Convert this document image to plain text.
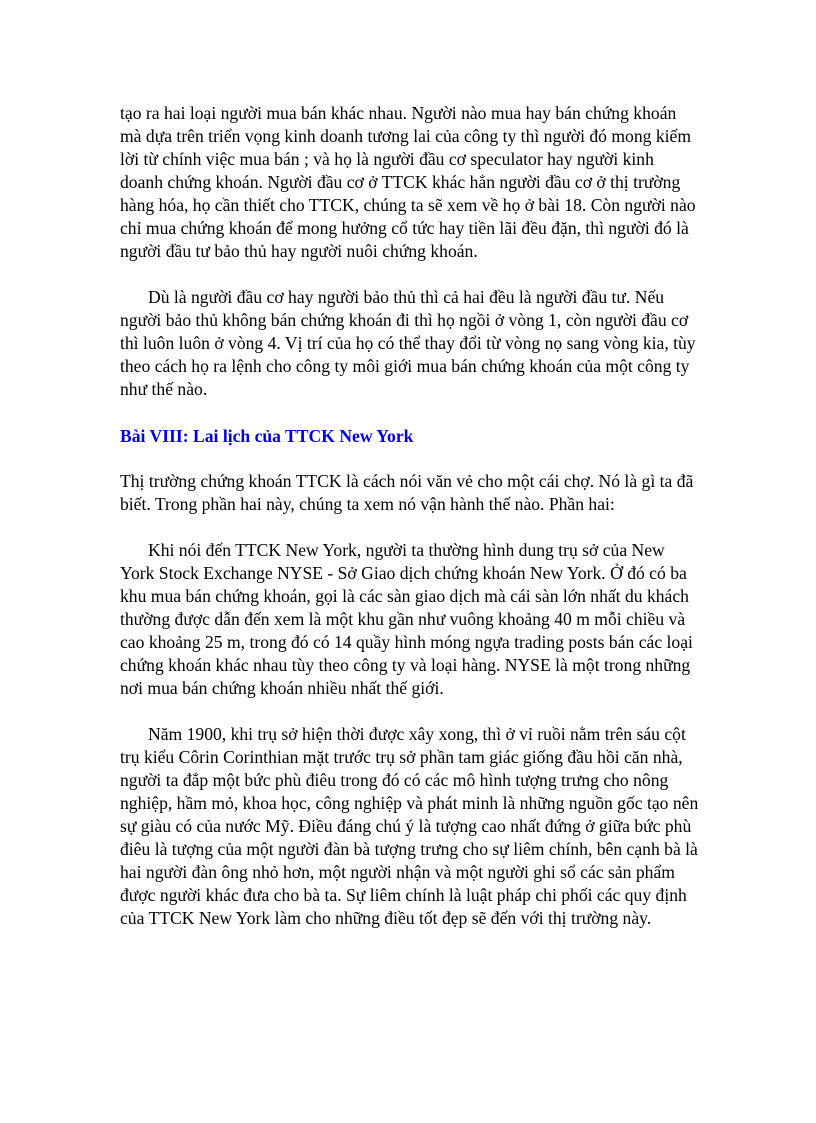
tạo ra hai loại người mua bán khác nhau. Người nào mua hay bán chứng khoán mà dựa trên triển vọng kinh doanh tương lai của công ty thì người đó mong kiếm lời từ chính việc mua bán ; và họ là người đầu cơ speculator hay người kinh doanh chứng khoán. Người đầu cơ ở TTCK khác hẳn người đầu cơ ở thị trường hàng hóa, họ cần thiết cho TTCK, chúng ta sẽ xem về họ ở bài 18. Còn người nào chỉ mua chứng khoán để mong hưởng cổ tức hay tiền lãi đều đặn, thì người đó là người đầu tư bảo thủ hay người nuôi chứng khoán.

Dù là người đầu cơ hay người bảo thủ thì cả hai đều là người đầu tư. Nếu người bảo thủ không bán chứng khoán đi thì họ ngồi ở vòng 1, còn người đầu cơ thì luôn luôn ở vòng 4. Vị trí của họ có thể thay đổi từ vòng nọ sang vòng kia, tùy theo cách họ ra lệnh cho công ty môi giới mua bán chứng khoán của một công ty như thế nào.

Bài VIII: Lai lịch của TTCK New York

Thị trường chứng khoán TTCK là cách nói văn vẻ cho một cái chợ. Nó là gì ta đã biết. Trong phần hai này, chúng ta xem nó vận hành thế nào. Phần hai:

Khi nói đến TTCK New York, người ta thường hình dung trụ sở của New York Stock Exchange NYSE - Sở Giao dịch chứng khoán New York. Ở đó có ba khu mua bán chứng khoán, gọi là các sàn giao dịch mà cái sàn lớn nhất du khách thường được dẫn đến xem là một khu gần như vuông khoảng 40 m mỗi chiều và cao khoảng 25 m, trong đó có 14 quầy hình móng ngựa trading posts bán các loại chứng khoán khác nhau tùy theo công ty và loại hàng. NYSE là một trong những nơi mua bán chứng khoán nhiều nhất thế giới.

Năm 1900, khi trụ sở hiện thời được xây xong, thì ở vỉ ruồi nằm trên sáu cột trụ kiểu Côrin Corinthian mặt trước trụ sở phần tam giác giống đầu hồi căn nhà, người ta đắp một bức phù điêu trong đó có các mô hình tượng trưng cho nông nghiệp, hầm mỏ, khoa học, công nghiệp và phát minh là những nguồn gốc tạo nên sự giàu có của nước Mỹ. Điều đáng chú ý là tượng cao nhất đứng ở giữa bức phù điêu là tượng của một người đàn bà tượng trưng cho sự liêm chính, bên cạnh bà là hai người đàn ông nhỏ hơn, một người nhận và một người ghi sổ các sản phẩm được người khác đưa cho bà ta. Sự liêm chính là luật pháp chi phối các quy định của TTCK New York làm cho những điều tốt đẹp sẽ đến với thị trường này.
